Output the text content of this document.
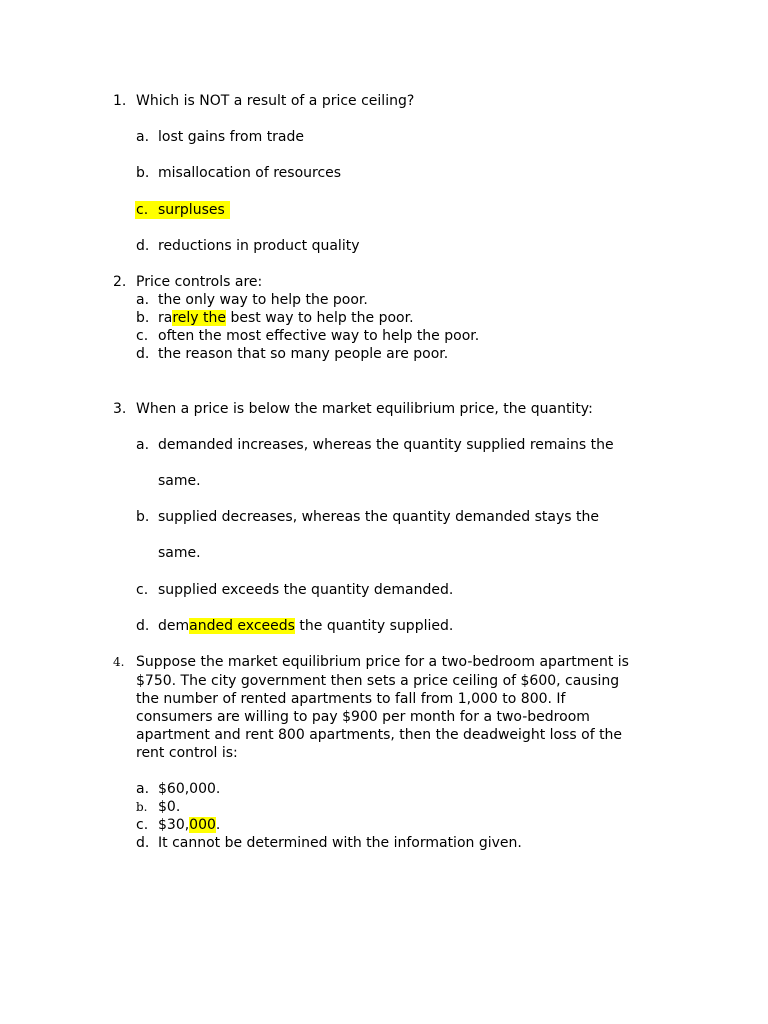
1. Which is NOT a result of a price ceiling?
a. lost gains from trade
b. misallocation of resources
c. surpluses
d. reductions in product quality
2. Price controls are:
a. the only way to help the poor.
b. rarely the best way to help the poor.
c. often the most effective way to help the poor.
d. the reason that so many people are poor.
3. When a price is below the market equilibrium price, the quantity:
a. demanded increases, whereas the quantity supplied remains the
same.
b. supplied decreases, whereas the quantity demanded stays the
same.
c. supplied exceeds the quantity demanded.
d. demanded exceeds the quantity supplied.
4. Suppose the market equilibrium price for a two-bedroom apartment is
$750. The city government then sets a price ceiling of $600, causing
the number of rented apartments to fall from 1,000 to 800. If
consumers are willing to pay $900 per month for a two-bedroom
apartment and rent 800 apartments, then the deadweight loss of the
rent control is:
a. $60,000.
b. $0.
c. $30,000.
d. It cannot be determined with the information given.
